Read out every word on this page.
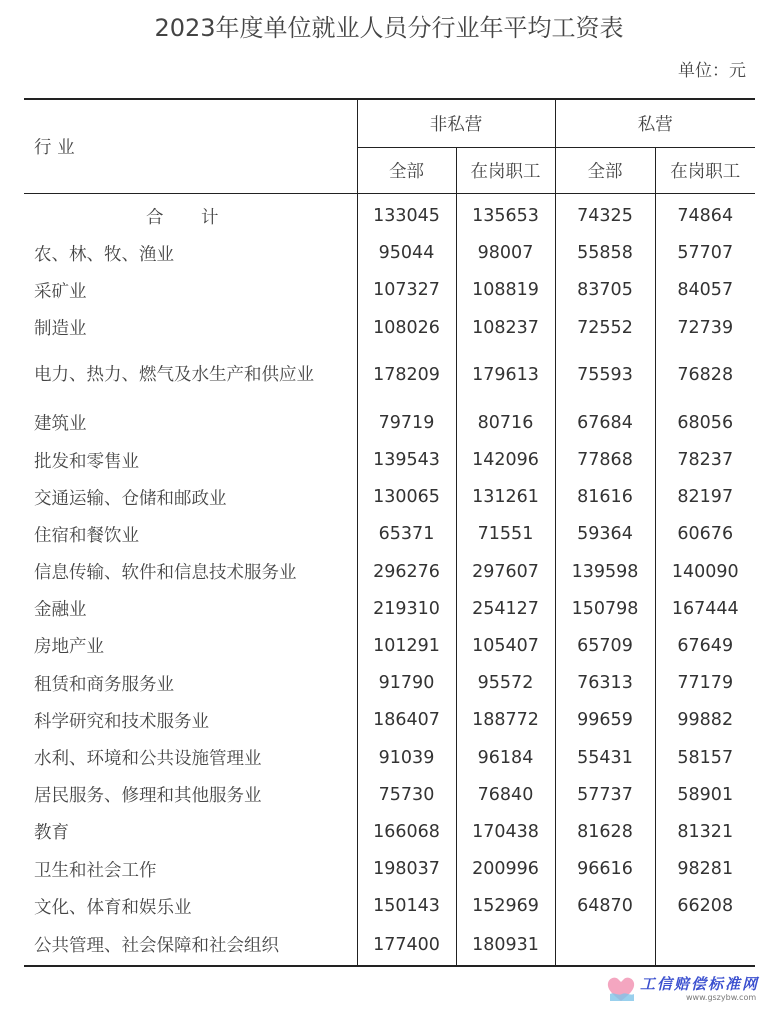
2023年度单位就业人员分行业年平均工资表
单位：元
行 业	非私营		私营	
	全部	在岗职工	全部	在岗职工
合 计	133045	135653	74325	74864
农、林、牧、渔业	95044	98007	55858	57707
采矿业	107327	108819	83705	84057
制造业	108026	108237	72552	72739
电力、热力、燃气及水生产和供应业	178209	179613	75593	76828
建筑业	79719	80716	67684	68056
批发和零售业	139543	142096	77868	78237
交通运输、仓储和邮政业	130065	131261	81616	82197
住宿和餐饮业	65371	71551	59364	60676
信息传输、软件和信息技术服务业	296276	297607	139598	140090
金融业	219310	254127	150798	167444
房地产业	101291	105407	65709	67649
租赁和商务服务业	91790	95572	76313	77179
科学研究和技术服务业	186407	188772	99659	99882
水利、环境和公共设施管理业	91039	96184	55431	58157
居民服务、修理和其他服务业	75730	76840	57737	58901
教育	166068	170438	81628	81321
卫生和社会工作	198037	200996	96616	98281
文化、体育和娱乐业	150143	152969	64870	66208
公共管理、社会保障和社会组织	177400	180931		
工信赔偿标准网
www.gszybw.com
